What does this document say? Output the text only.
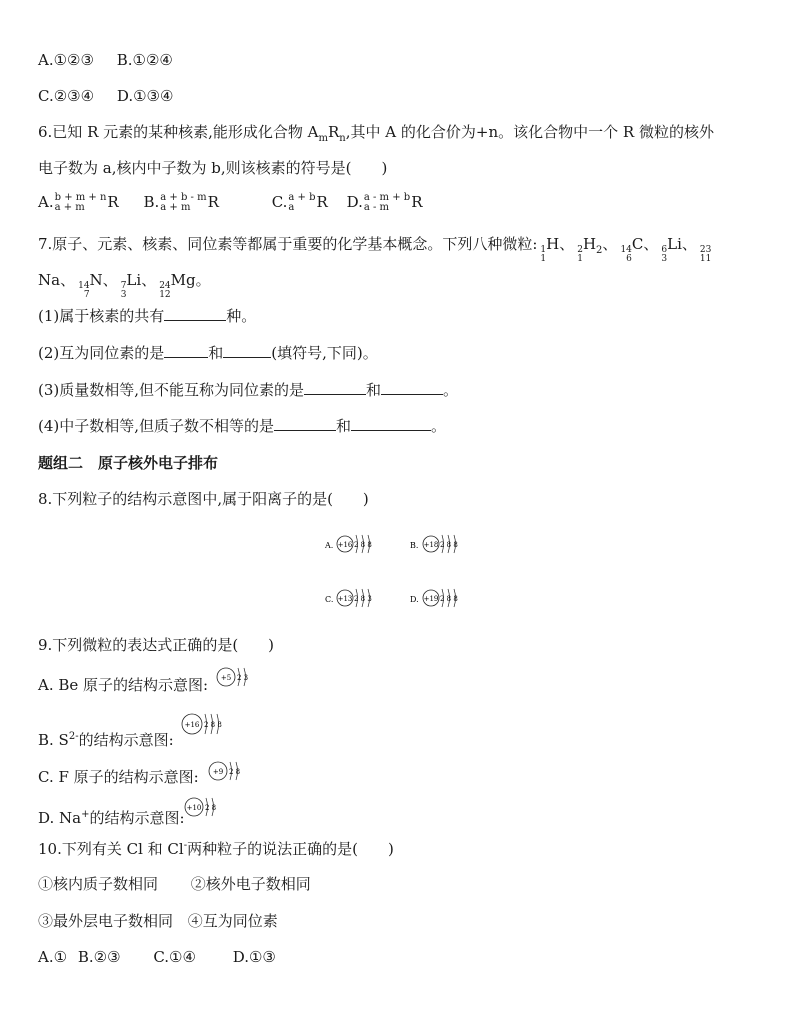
A.①②③ B.①②④
C.②③④ D.①③④
6.已知 R 元素的某种核素,能形成化合物 $A_mR_n$,其中 A 的化合价为+n。该化合物中一个 R 微粒的核外
电子数为 a,核内中子数为 b,则该核素的符号是(　　)
A. b + m + n
a + m	R B. a + b - m
a + m	R	C. a + b
a	R D. a - m + b
a - m	R
7.原子、元素、核素、同位素等都属于重要的化学基本概念。下列八种微粒: 1
1
H、 2
1
$H_2$、 14
6
C、 6
3
Li、 23
11
Na、 14
7
N、 7
3
Li、 24
12
Mg。
(1)属于核素的共有	种。
(2)互为同位素的是	和	(填符号,下同)。
(3)质量数相等,但不能互称为同位素的是	和	。
(4)中子数相等,但质子数不相等的是	和	。
题组二　原子核外电子排布
8.下列粒子的结构示意图中,属于阳离子的是(　　)
A. +16 2 8 8	B. +18 2 8 8
C. +13 2 8 3	D. +19 2 8 8
9.下列微粒的表达式正确的是(　　)
A. Be 原子的结构示意图: +5 2 3
B. $S^{2-}$的结构示意图:
+16 2 8 8
C. F 原子的结构示意图: +9 2 8
D. Na+的结构示意图:
+10 2 8
10.下列有关 Cl 和 Cl-两种粒子的说法正确的是(　　)
①核内质子数相同 ②核外电子数相同
③最外层电子数相同 ④互为同位素
A.① B.②③ C.①④ D.①③
